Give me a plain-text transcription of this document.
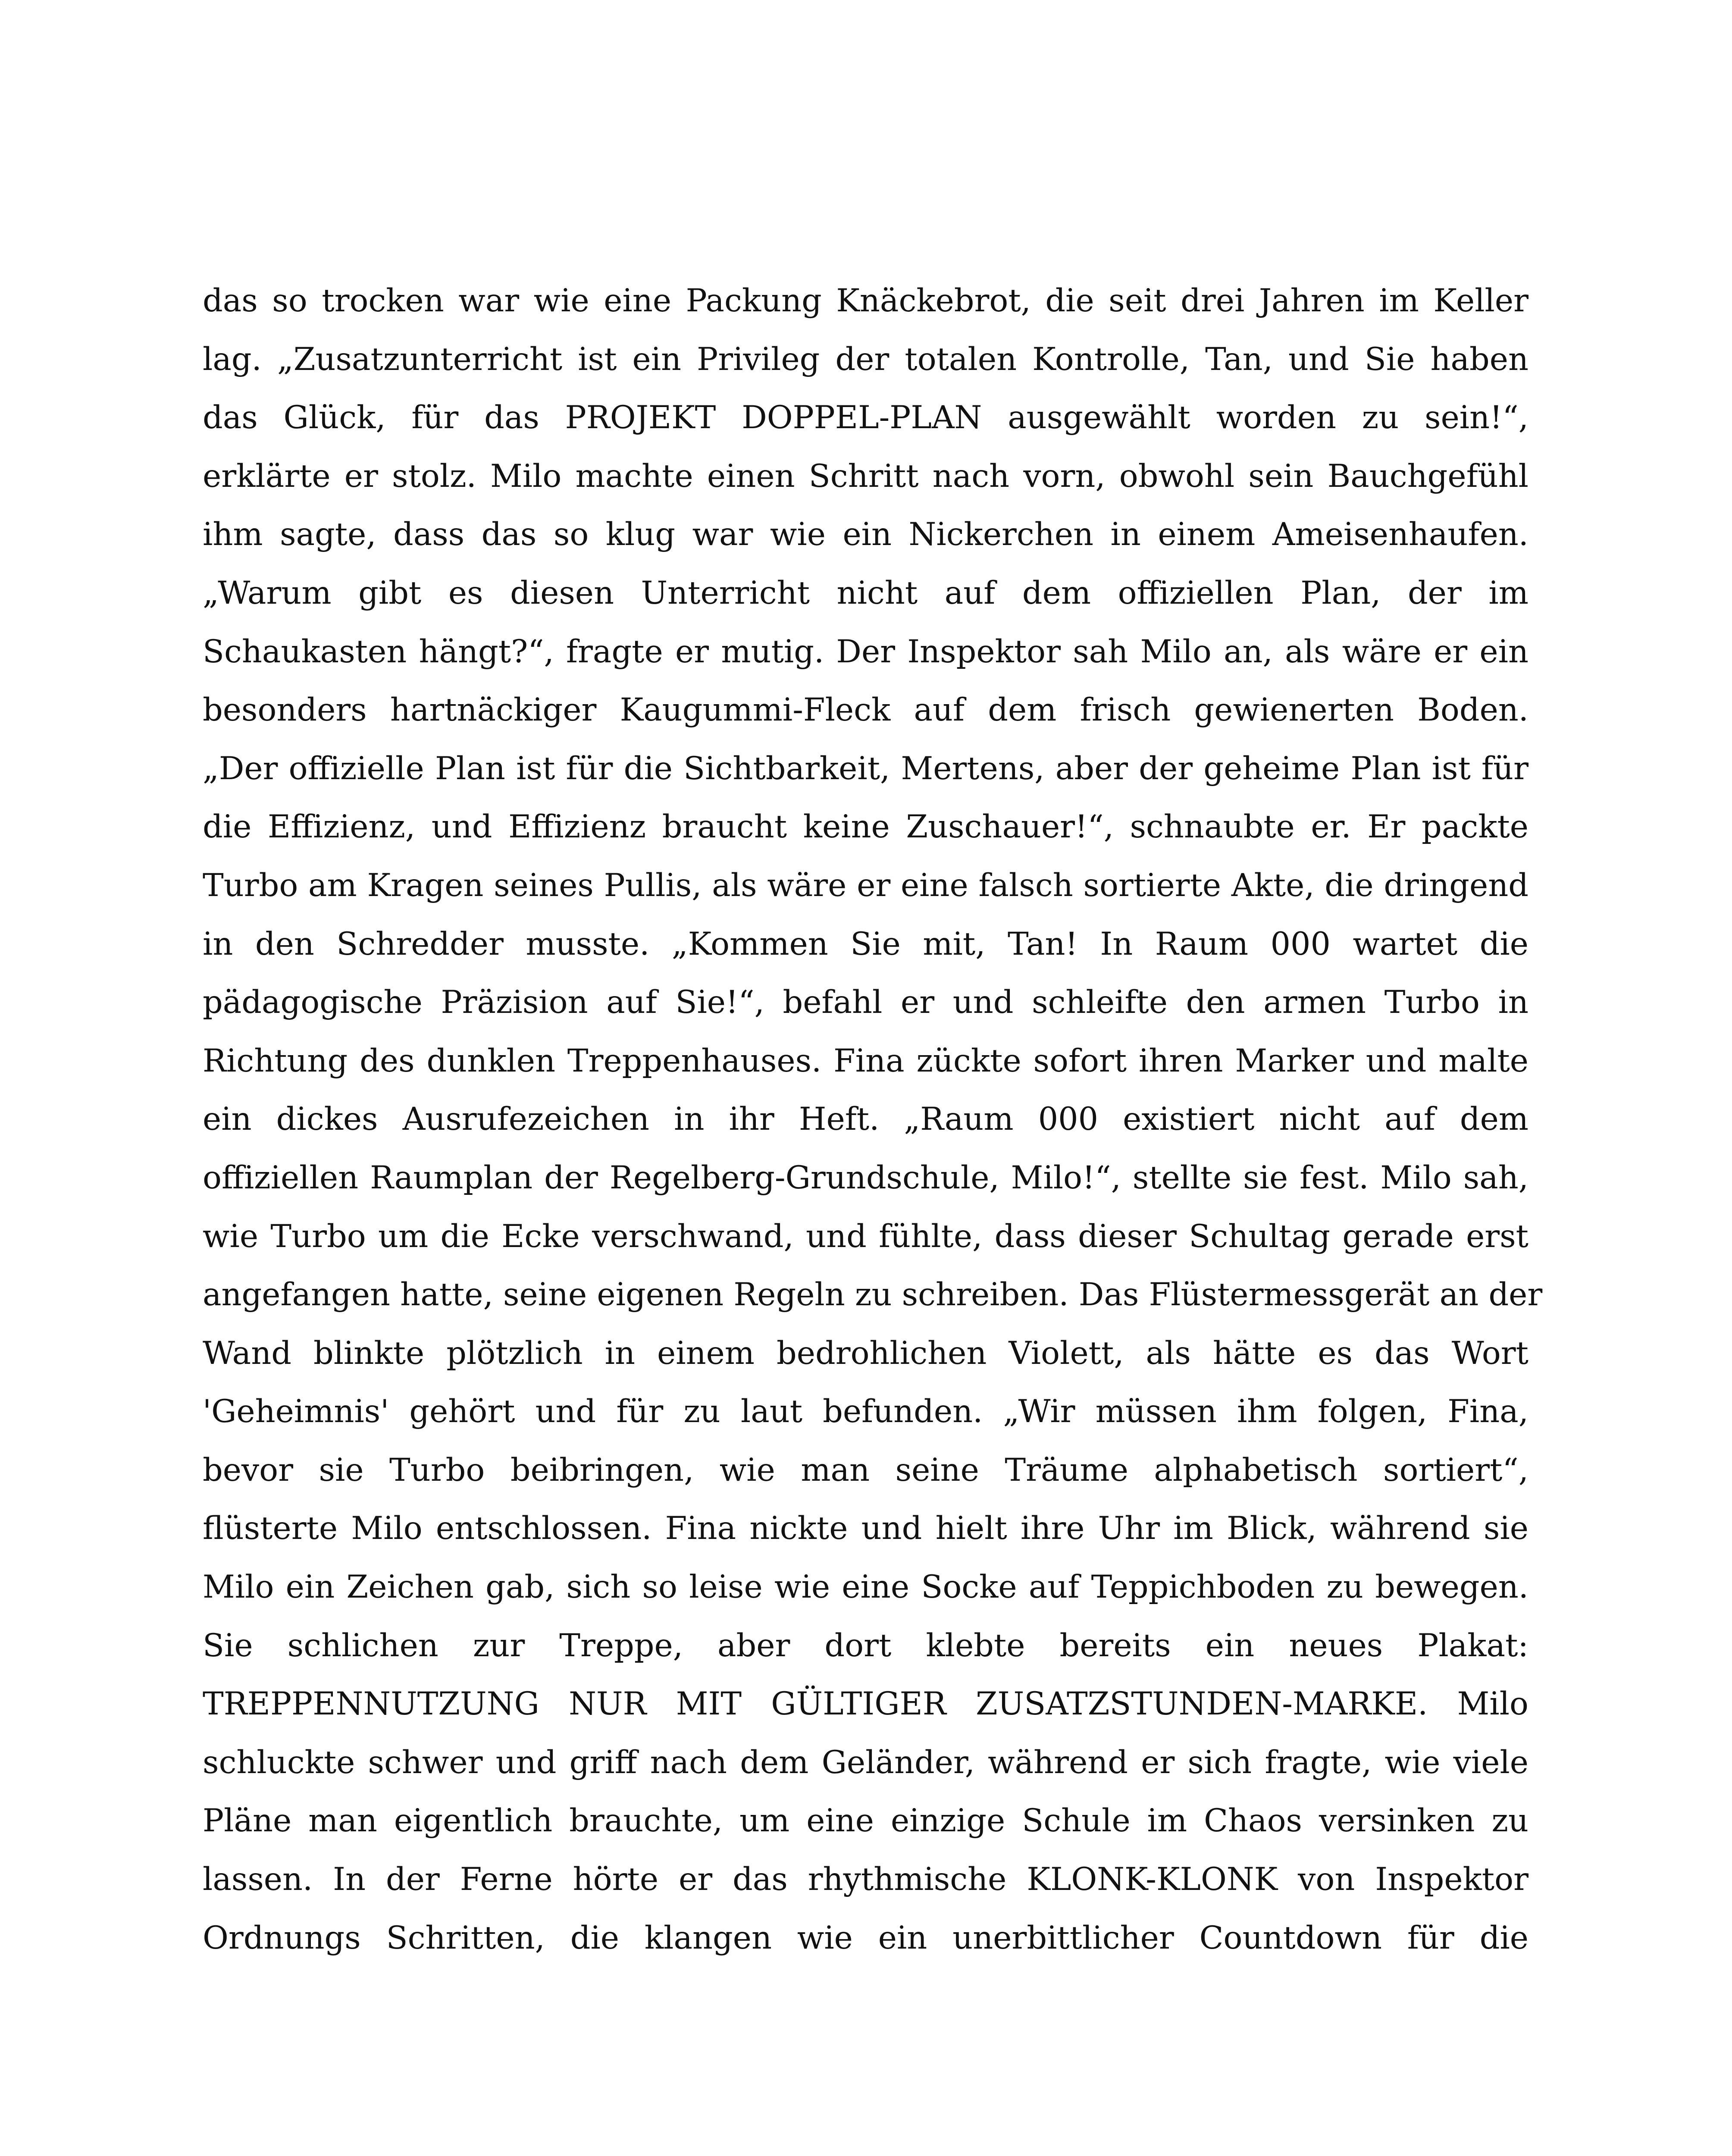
das so trocken war wie eine Packung Knäckebrot, die seit drei Jahren im Keller
lag. „Zusatzunterricht ist ein Privileg der totalen Kontrolle, Tan, und Sie haben
das Glück, für das PROJEKT DOPPEL-PLAN ausgewählt worden zu sein!“,
erklärte er stolz. Milo machte einen Schritt nach vorn, obwohl sein Bauchgefühl
ihm sagte, dass das so klug war wie ein Nickerchen in einem Ameisenhaufen.
„Warum gibt es diesen Unterricht nicht auf dem offiziellen Plan, der im
Schaukasten hängt?“, fragte er mutig. Der Inspektor sah Milo an, als wäre er ein
besonders hartnäckiger Kaugummi-Fleck auf dem frisch gewienerten Boden.
„Der offizielle Plan ist für die Sichtbarkeit, Mertens, aber der geheime Plan ist für
die Effizienz, und Effizienz braucht keine Zuschauer!“, schnaubte er. Er packte
Turbo am Kragen seines Pullis, als wäre er eine falsch sortierte Akte, die dringend
in den Schredder musste. „Kommen Sie mit, Tan! In Raum 000 wartet die
pädagogische Präzision auf Sie!“, befahl er und schleifte den armen Turbo in
Richtung des dunklen Treppenhauses. Fina zückte sofort ihren Marker und malte
ein dickes Ausrufezeichen in ihr Heft. „Raum 000 existiert nicht auf dem
offiziellen Raumplan der Regelberg-Grundschule, Milo!“, stellte sie fest. Milo sah,
wie Turbo um die Ecke verschwand, und fühlte, dass dieser Schultag gerade erst
angefangen hatte, seine eigenen Regeln zu schreiben. Das Flüstermessgerät an der
Wand blinkte plötzlich in einem bedrohlichen Violett, als hätte es das Wort
'Geheimnis' gehört und für zu laut befunden. „Wir müssen ihm folgen, Fina,
bevor sie Turbo beibringen, wie man seine Träume alphabetisch sortiert“,
flüsterte Milo entschlossen. Fina nickte und hielt ihre Uhr im Blick, während sie
Milo ein Zeichen gab, sich so leise wie eine Socke auf Teppichboden zu bewegen.
Sie schlichen zur Treppe, aber dort klebte bereits ein neues Plakat:
TREPPENNUTZUNG NUR MIT GÜLTIGER ZUSATZSTUNDEN-MARKE. Milo
schluckte schwer und griff nach dem Geländer, während er sich fragte, wie viele
Pläne man eigentlich brauchte, um eine einzige Schule im Chaos versinken zu
lassen. In der Ferne hörte er das rhythmische KLONK-KLONK von Inspektor
Ordnungs Schritten, die klangen wie ein unerbittlicher Countdown für die
